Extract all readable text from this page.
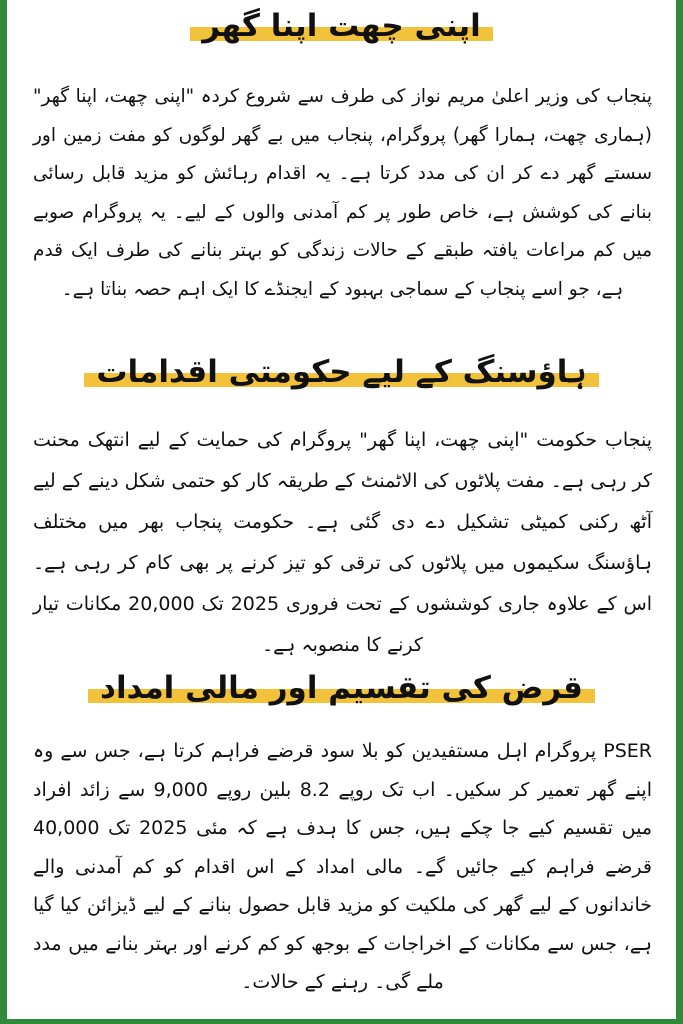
اپنی چھت اپنا گھر
پنجاب کی وزیر اعلیٰ مریم نواز کی طرف سے شروع کردہ "اپنی چھت، اپنا گھر" (ہماری چھت، ہمارا گھر) پروگرام، پنجاب میں بے گھر لوگوں کو مفت زمین اور سستے گھر دے کر ان کی مدد کرتا ہے۔ یہ اقدام رہائش کو مزید قابل رسائی بنانے کی کوشش ہے، خاص طور پر کم آمدنی والوں کے لیے۔ یہ پروگرام صوبے میں کم مراعات یافتہ طبقے کے حالات زندگی کو بہتر بنانے کی طرف ایک قدم ہے، جو اسے پنجاب کے سماجی بہبود کے ایجنڈے کا ایک اہم حصہ بناتا ہے۔
ہاؤسنگ کے لیے حکومتی اقدامات
پنجاب حکومت "اپنی چھت، اپنا گھر" پروگرام کی حمایت کے لیے انتھک محنت کر رہی ہے۔ مفت پلاٹوں کی الاٹمنٹ کے طریقہ کار کو حتمی شکل دینے کے لیے آٹھ رکنی کمیٹی تشکیل دے دی گئی ہے۔ حکومت پنجاب بھر میں مختلف ہاؤسنگ سکیموں میں پلاٹوں کی ترقی کو تیز کرنے پر بھی کام کر رہی ہے۔ اس کے علاوہ جاری کوششوں کے تحت فروری 2025 تک 20,000 مکانات تیار کرنے کا منصوبہ ہے۔
قرض کی تقسیم اور مالی امداد
PSER پروگرام اہل مستفیدین کو بلا سود قرضے فراہم کرتا ہے، جس سے وہ اپنے گھر تعمیر کر سکیں۔ اب تک روپے 8.2 بلین روپے 9,000 سے زائد افراد میں تقسیم کیے جا چکے ہیں، جس کا ہدف ہے کہ مئی 2025 تک 40,000 قرضے فراہم کیے جائیں گے۔ مالی امداد کے اس اقدام کو کم آمدنی والے خاندانوں کے لیے گھر کی ملکیت کو مزید قابل حصول بنانے کے لیے ڈیزائن کیا گیا ہے، جس سے مکانات کے اخراجات کے بوجھ کو کم کرنے اور بہتر بنانے میں مدد ملے گی۔ رہنے کے حالات۔
